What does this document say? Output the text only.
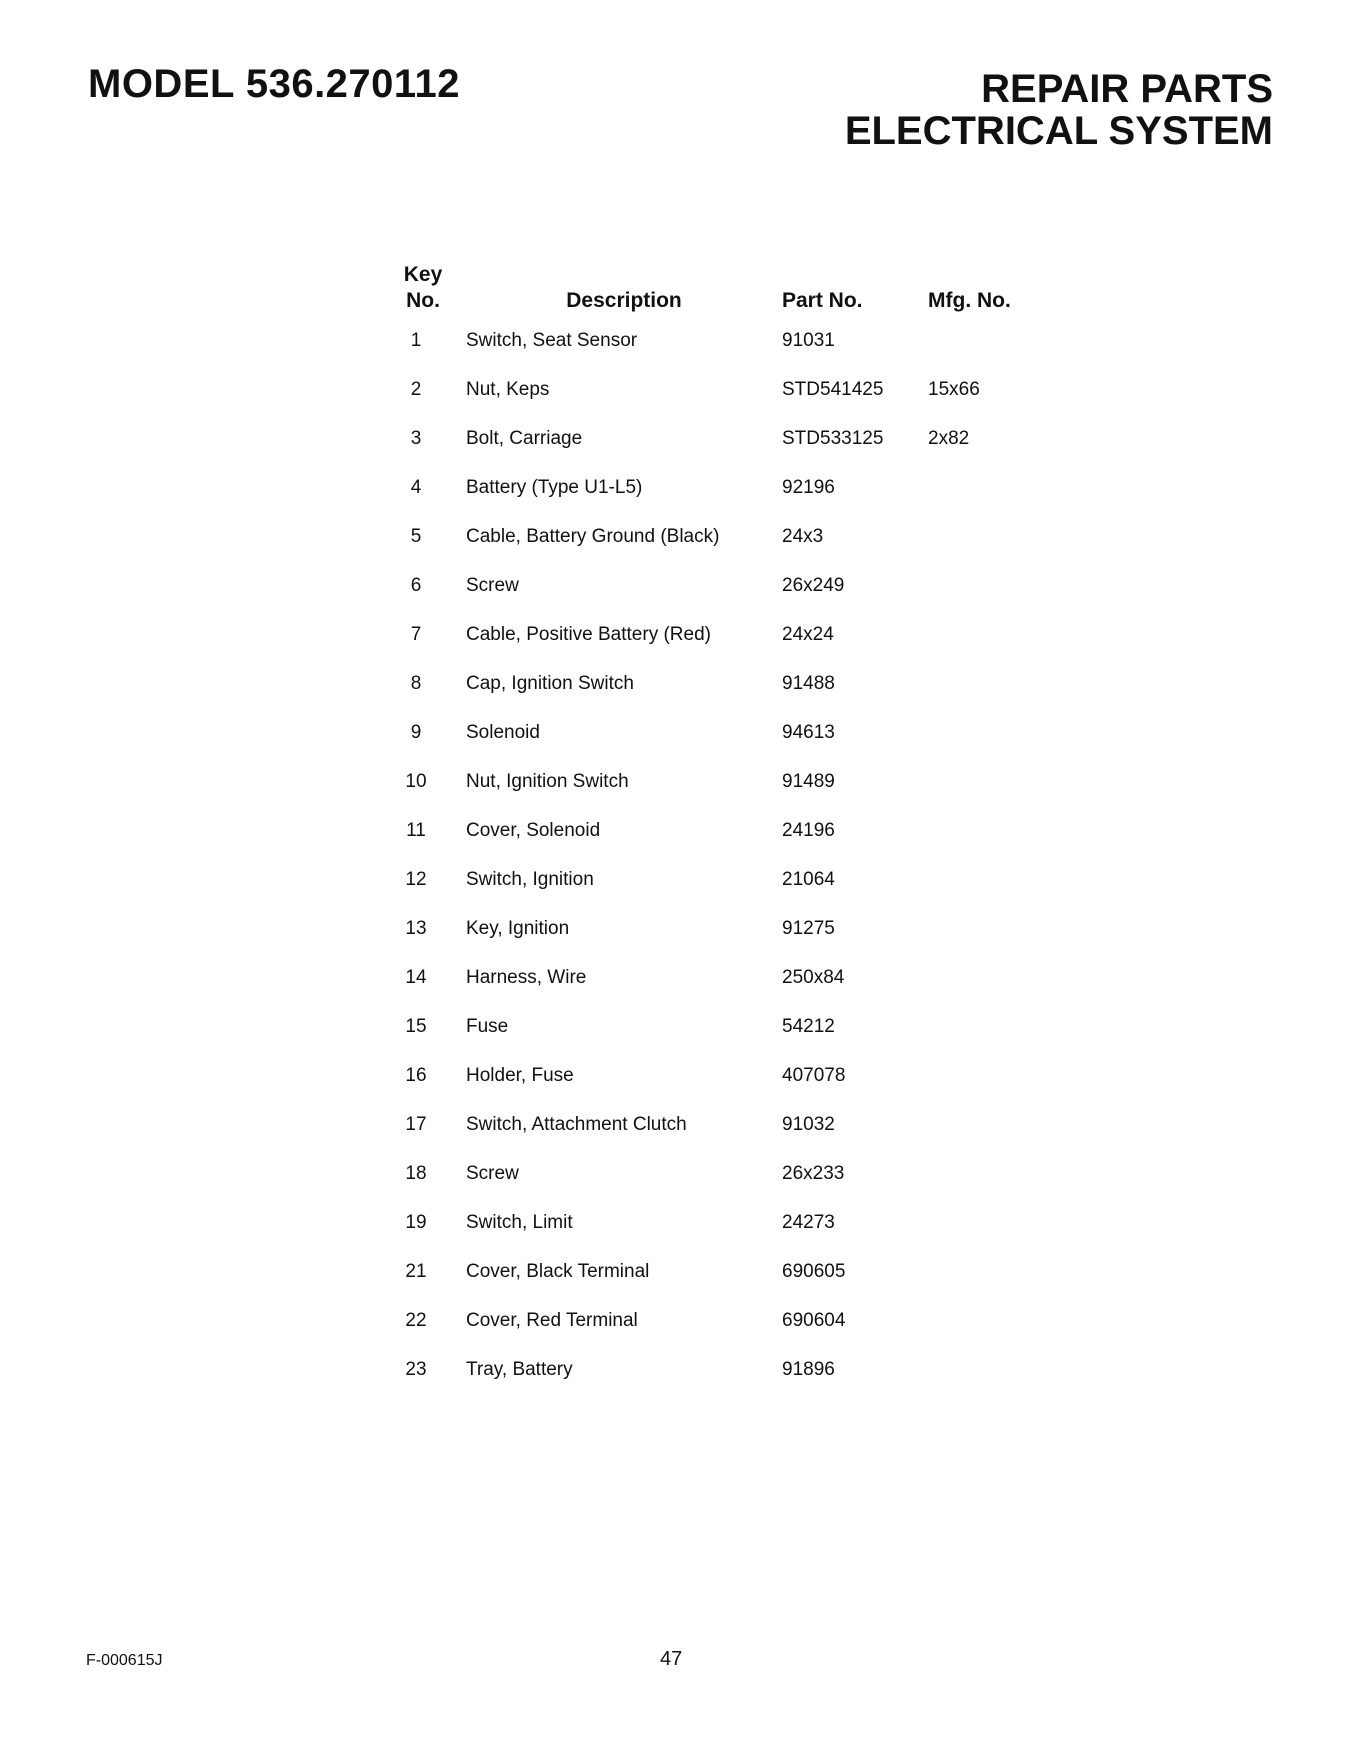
MODEL 536.270112	REPAIR PARTS
ELECTRICAL SYSTEM
Key
No.	Description	Part No.	Mfg. No.
1	Switch, Seat Sensor	91031	
2	Nut, Keps	STD541425	15x66
3	Bolt, Carriage	STD533125	2x82
4	Battery (Type U1-L5)	92196	
5	Cable, Battery Ground (Black)	24x3	
6	Screw	26x249	
7	Cable, Positive Battery (Red)	24x24	
8	Cap, Ignition Switch	91488	
9	Solenoid	94613	
10	Nut, Ignition Switch	91489	
11	Cover, Solenoid	24196	
12	Switch, Ignition	21064	
13	Key, Ignition	91275	
14	Harness, Wire	250x84	
15	Fuse	54212	
16	Holder, Fuse	407078	
17	Switch, Attachment Clutch	91032	
18	Screw	26x233	
19	Switch, Limit	24273	
21	Cover, Black Terminal	690605	
22	Cover, Red Terminal	690604	
23	Tray, Battery	91896	
F-000615J	47
